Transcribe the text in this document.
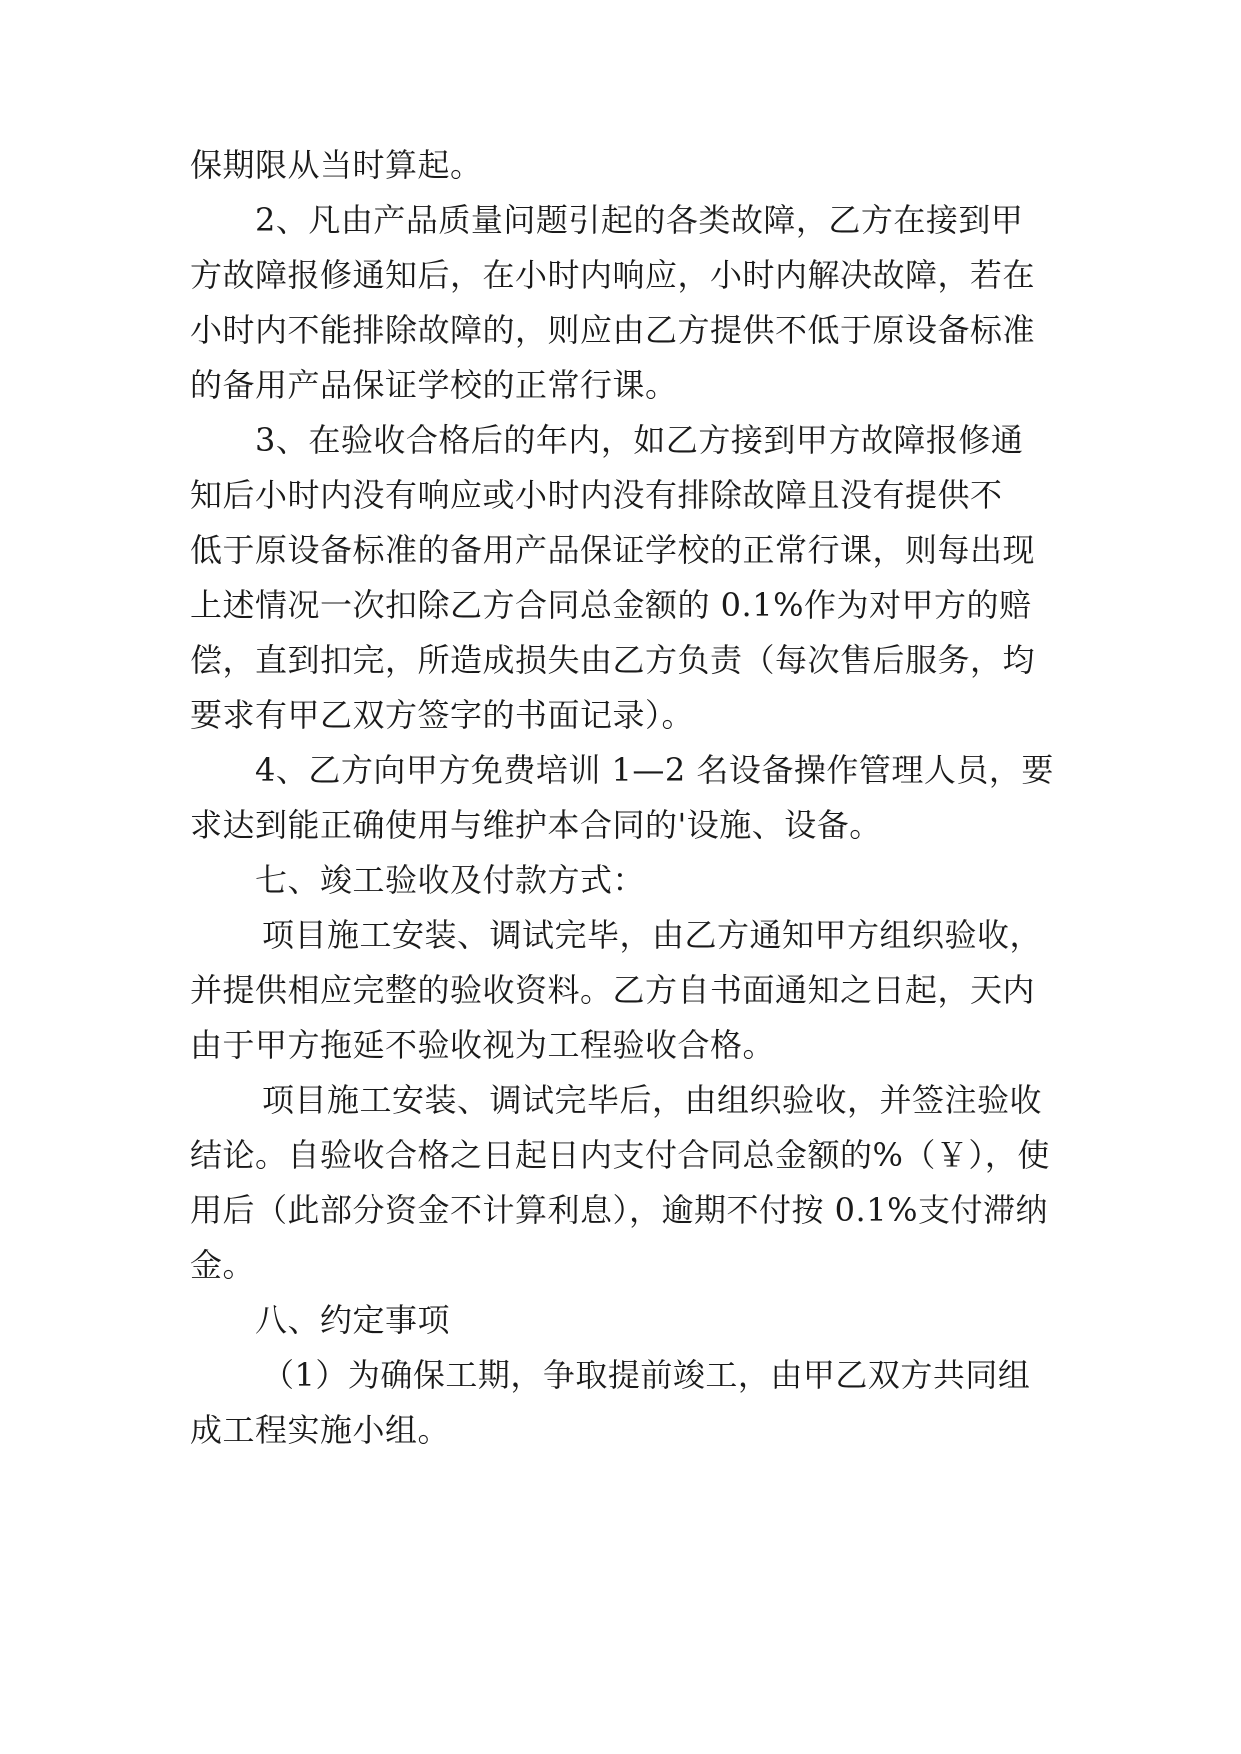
保期限从当时算起。
2、凡由产品质量问题引起的各类故障，乙方在接到甲
方故障报修通知后，在小时内响应，小时内解决故障，若在
小时内不能排除故障的，则应由乙方提供不低于原设备标准
的备用产品保证学校的正常行课。
3、在验收合格后的年内，如乙方接到甲方故障报修通
知后小时内没有响应或小时内没有排除故障且没有提供不
低于原设备标准的备用产品保证学校的正常行课，则每出现
上述情况一次扣除乙方合同总金额的 0.1%作为对甲方的赔
偿，直到扣完，所造成损失由乙方负责（每次售后服务，均
要求有甲乙双方签字的书面记录）。
4、乙方向甲方免费培训 1—2 名设备操作管理人员，要
求达到能正确使用与维护本合同的'设施、设备。
七、竣工验收及付款方式：
项目施工安装、调试完毕，由乙方通知甲方组织验收，
并提供相应完整的验收资料。乙方自书面通知之日起，天内
由于甲方拖延不验收视为工程验收合格。
项目施工安装、调试完毕后，由组织验收，并签注验收
结论。自验收合格之日起日内支付合同总金额的%（￥），使
用后（此部分资金不计算利息），逾期不付按 0.1%支付滞纳
金。
八、约定事项
（1）为确保工期，争取提前竣工，由甲乙双方共同组
成工程实施小组。
